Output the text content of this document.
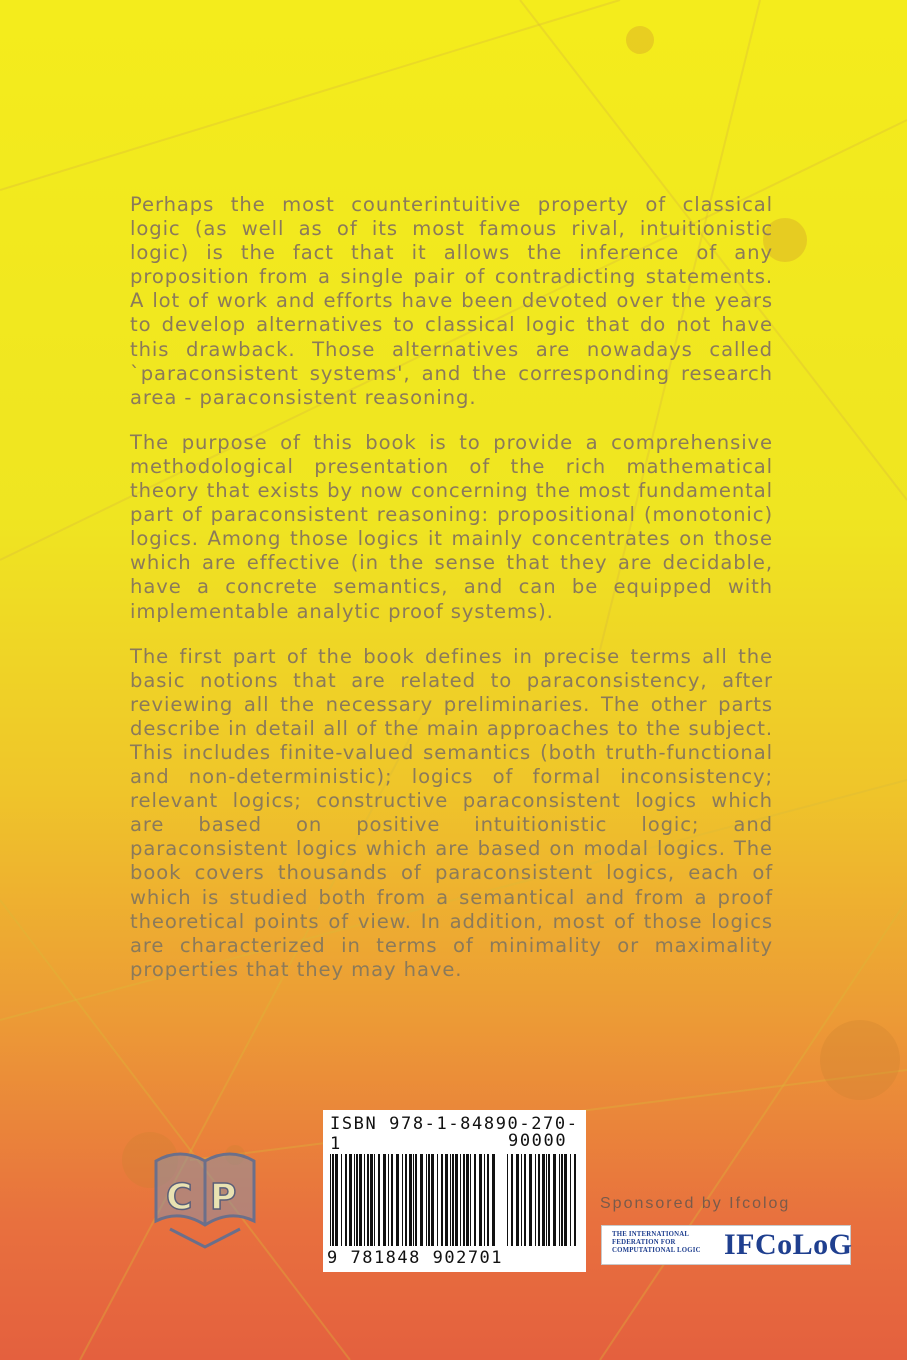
Perhaps the most counterintuitive property of classical logic (as well as of its most famous rival, intuitionistic logic) is the fact that it allows the inference of any proposition from a single pair of contradicting statements. A lot of work and efforts have been devoted over the years to develop alternatives to classical logic that do not have this drawback. Those alternatives are nowadays called `paraconsistent systems', and the corresponding research area - paraconsistent reasoning.

The purpose of this book is to provide a comprehensive methodological presentation of the rich mathematical theory that exists by now concerning the most fundamental part of paraconsistent reasoning: propositional (monotonic) logics. Among those logics it mainly concentrates on those which are effective (in the sense that they are decidable, have a concrete semantics, and can be equipped with implementable analytic proof systems).

The first part of the book defines in precise terms all the basic notions that are related to paraconsistency, after reviewing all the necessary preliminaries. The other parts describe in detail all of the main approaches to the subject. This includes finite-valued semantics (both truth-functional and non-deterministic); logics of formal inconsistency; relevant logics; constructive paraconsistent logics which are based on positive intuitionistic logic; and paraconsistent logics which are based on modal logics. The book covers thousands of paraconsistent logics, each of which is studied both from a semantical and from a proof theoretical points of view. In addition, most of those logics are characterized in terms of minimality or maximality properties that they may have.

C P
ISBN 978-1-84890-270-1	90000
9 781848 902701
Sponsored by Ifcolog
THE INTERNATIONAL FEDERATION FOR COMPUTATIONAL LOGIC IFCoLoG
